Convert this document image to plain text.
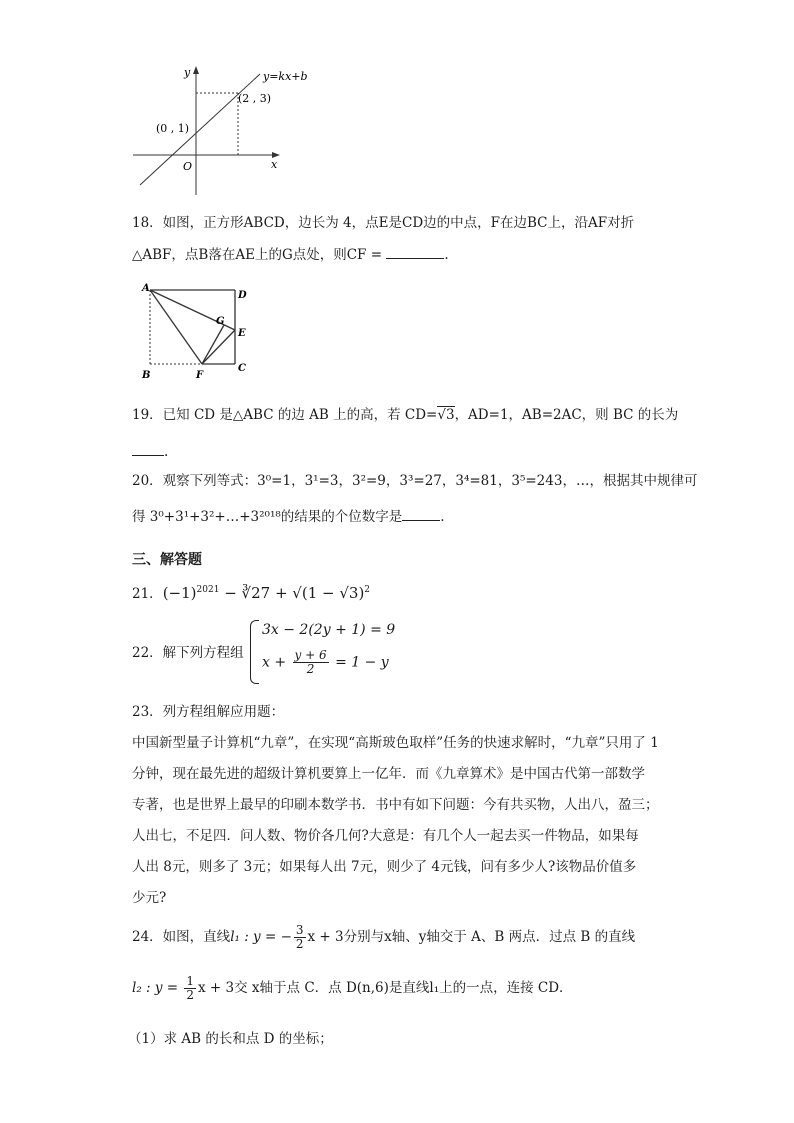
y
x
O
y=kx+b
(0 , 1)
(2 , 3)
18．如图，正方形ABCD，边长为 4，点E是CD边的中点，F在边BC上，沿AF对折
△ABF，点B落在AE上的G点处，则CF =	.
A
D
G
E
C
B	F
19．已知 CD 是△ABC 的边 AB 上的高，若 CD=√3，AD=1，AB=2AC，则 BC 的长为
.
20．观察下列等式：3⁰=1，3¹=3，3²=9，3³=27，3⁴=81，3⁵=243，…，根据其中规律可
得 3⁰+3¹+3²+…+3²⁰¹⁸的结果的个位数字是	.
三、解答题
21．$(-1)^{2021}$ − ∛27 + $√(1 - √3)^2$
22．解下列方程组
3x − 2(2y + 1) = 9
$x + \frac{y + 6}{2} = 1 - y$
23．列方程组解应用题：
中国新型量子计算机“九章”，在实现“高斯玻色取样”任务的快速求解时，“九章”只用了 1
分钟，现在最先进的超级计算机要算上一亿年．而《九章算术》是中国古代第一部数学
专著，也是世界上最早的印刷本数学书．书中有如下问题：今有共买物，人出八，盈三；
人出七，不足四．问人数、物价各几何?大意是：有几个人一起去买一件物品，如果每
人出 8元，则多了 3元；如果每人出 7元，则少了 4元钱，问有多少人?该物品价值多
少元?
24．如图，直线l₁ : y = − $\frac{3}{2}$ x + 3分别与x轴、y轴交于 A、B 两点．过点 B 的直线
l₂ : $y = \frac{1}{2}$ x + 3交 x轴于点 C．点 D(n,6)是直线l₁上的一点，连接 CD．
（1）求 AB 的长和点 D 的坐标；
